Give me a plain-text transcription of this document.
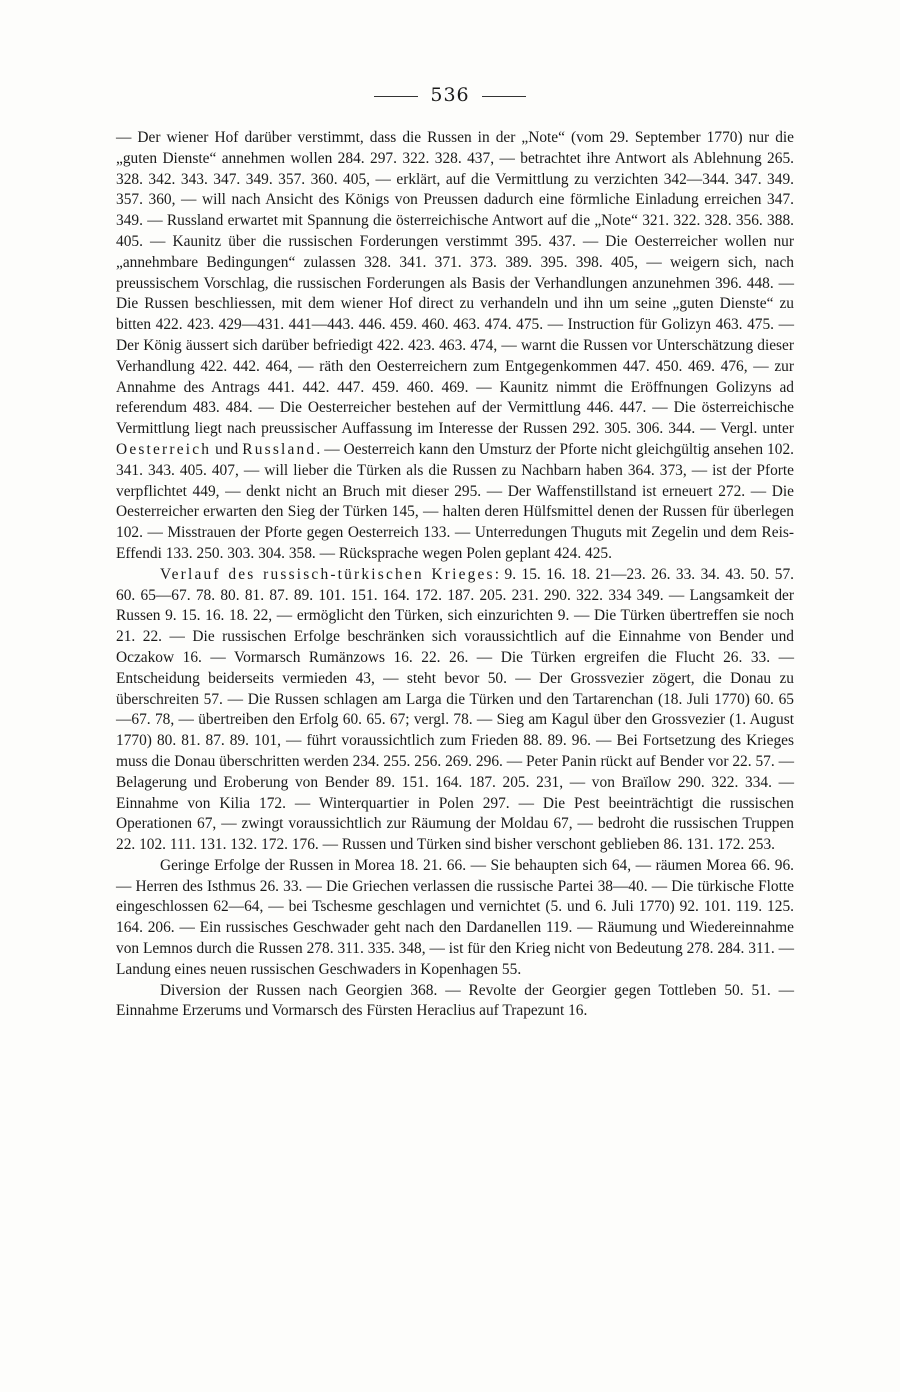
536

— Der wiener Hof darüber verstimmt, dass die Russen in der „Note“ (vom 29. September 1770) nur die „guten Dienste“ annehmen wollen 284. 297. 322. 328. 437, — betrachtet ihre Antwort als Ablehnung 265. 328. 342. 343. 347. 349. 357. 360. 405, — erklärt, auf die Vermittlung zu verzichten 342—344. 347. 349. 357. 360, — will nach Ansicht des Königs von Preussen dadurch eine förmliche Einladung erreichen 347. 349. — Russland erwartet mit Spannung die österreichische Antwort auf die „Note“ 321. 322. 328. 356. 388. 405. — Kaunitz über die russischen Forderungen verstimmt 395. 437. — Die Oesterreicher wollen nur „annehmbare Bedingungen“ zulassen 328. 341. 371. 373. 389. 395. 398. 405, — weigern sich, nach preussischem Vorschlag, die russischen Forderungen als Basis der Verhandlungen anzunehmen 396. 448. — Die Russen beschliessen, mit dem wiener Hof direct zu verhandeln und ihn um seine „guten Dienste“ zu bitten 422. 423. 429—431. 441—443. 446. 459. 460. 463. 474. 475. — Instruction für Golizyn 463. 475. — Der König äussert sich darüber befriedigt 422. 423. 463. 474, — warnt die Russen vor Unterschätzung dieser Verhandlung 422. 442. 464, — räth den Oesterreichern zum Entgegenkommen 447. 450. 469. 476, — zur Annahme des Antrags 441. 442. 447. 459. 460. 469. — Kaunitz nimmt die Eröffnungen Golizyns ad referendum 483. 484. — Die Oesterreicher bestehen auf der Vermittlung 446. 447. — Die österreichische Vermittlung liegt nach preussischer Auffassung im Interesse der Russen 292. 305. 306. 344. — Vergl. unter Oesterreich und Russland. — Oesterreich kann den Umsturz der Pforte nicht gleichgültig ansehen 102. 341. 343. 405. 407, — will lieber die Türken als die Russen zu Nachbarn haben 364. 373, — ist der Pforte verpflichtet 449, — denkt nicht an Bruch mit dieser 295. — Der Waffenstillstand ist erneuert 272. — Die Oesterreicher erwarten den Sieg der Türken 145, — halten deren Hülfsmittel denen der Russen für überlegen 102. — Misstrauen der Pforte gegen Oesterreich 133. — Unterredungen Thuguts mit Zegelin und dem Reis-Effendi 133. 250. 303. 304. 358. — Rücksprache wegen Polen geplant 424. 425.

Verlauf des russisch-türkischen Krieges: 9. 15. 16. 18. 21—23. 26. 33. 34. 43. 50. 57. 60. 65—67. 78. 80. 81. 87. 89. 101. 151. 164. 172. 187. 205. 231. 290. 322. 334 349. — Langsamkeit der Russen 9. 15. 16. 18. 22, — ermöglicht den Türken, sich einzurichten 9. — Die Türken übertreffen sie noch 21. 22. — Die russischen Erfolge beschränken sich voraussichtlich auf die Einnahme von Bender und Oczakow 16. — Vormarsch Rumänzows 16. 22. 26. — Die Türken ergreifen die Flucht 26. 33. — Entscheidung beiderseits vermieden 43, — steht bevor 50. — Der Grossvezier zögert, die Donau zu überschreiten 57. — Die Russen schlagen am Larga die Türken und den Tartarenchan (18. Juli 1770) 60. 65—67. 78, — übertreiben den Erfolg 60. 65. 67; vergl. 78. — Sieg am Kagul über den Grossvezier (1. August 1770) 80. 81. 87. 89. 101, — führt voraussichtlich zum Frieden 88. 89. 96. — Bei Fortsetzung des Krieges muss die Donau überschritten werden 234. 255. 256. 269. 296. — Peter Panin rückt auf Bender vor 22. 57. — Belagerung und Eroberung von Bender 89. 151. 164. 187. 205. 231, — von Braïlow 290. 322. 334. — Einnahme von Kilia 172. — Winterquartier in Polen 297. — Die Pest beeinträchtigt die russischen Operationen 67, — zwingt voraussichtlich zur Räumung der Moldau 67, — bedroht die russischen Truppen 22. 102. 111. 131. 132. 172. 176. — Russen und Türken sind bisher verschont geblieben 86. 131. 172. 253.

Geringe Erfolge der Russen in Morea 18. 21. 66. — Sie behaupten sich 64, — räumen Morea 66. 96. — Herren des Isthmus 26. 33. — Die Griechen verlassen die russische Partei 38—40. — Die türkische Flotte eingeschlossen 62—64, — bei Tschesme geschlagen und vernichtet (5. und 6. Juli 1770) 92. 101. 119. 125. 164. 206. — Ein russisches Geschwader geht nach den Dardanellen 119. — Räumung und Wiedereinnahme von Lemnos durch die Russen 278. 311. 335. 348, — ist für den Krieg nicht von Bedeutung 278. 284. 311. — Landung eines neuen russischen Geschwaders in Kopenhagen 55.

Diversion der Russen nach Georgien 368. — Revolte der Georgier gegen Tottleben 50. 51. — Einnahme Erzerums und Vormarsch des Fürsten Heraclius auf Trapezunt 16.
